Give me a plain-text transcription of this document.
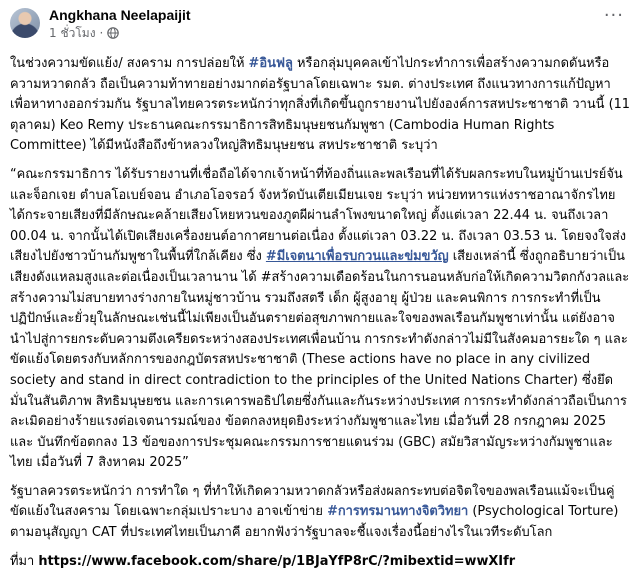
Angkhana Neelapaijit
1 ชั่วโมง ·
···

ในช่วงความขัดแย้ง/ สงคราม การปล่อยให้ #อินฟลู หรือกลุ่มบุคคลเข้าไปกระทำการเพื่อสร้างความกดดันหรือความหวาดกลัว ถือเป็นความท้าทายอย่างมากต่อรัฐบาลโดยเฉพาะ รมต. ต่างประเทศ ถึงแนวทางการแก้ปัญหาเพื่อหาทางออกร่วมกัน รัฐบาลไทยควรตระหนักว่าทุกสิ่งที่เกิดขึ้นถูกรายงานไปยังองค์การสหประชาชาติ วานนี้ (11 ตุลาคม) Keo Remy ประธานคณะกรรมาธิการสิทธิมนุษยชนกัมพูชา (Cambodia Human Rights Committee) ได้มีหนังสือถึงข้าหลวงใหญ่สิทธิมนุษยชน สหประชาชาติ ระบุว่า

“คณะกรรมาธิการ ได้รับรายงานที่เชื่อถือได้จากเจ้าหน้าที่ท้องถิ่นและพลเรือนที่ได้รับผลกระทบในหมู่บ้านเปรย์จัน และจ็อกเจย ตำบลโอเบย์จอน อำเภอโอจรอว์ จังหวัดบันเตียเมียนเจย ระบุว่า หน่วยทหารแห่งราชอาณาจักรไทยได้กระจายเสียงที่มีลักษณะคล้ายเสียงโหยหวนของภูตผีผ่านลำโพงขนาดใหญ่ ตั้งแต่เวลา 22.44 น. จนถึงเวลา 00.04 น. จากนั้นได้เปิดเสียงเครื่องยนต์อากาศยานต่อเนื่อง ตั้งแต่เวลา 03.22 น. ถึงเวลา 03.53 น. โดยจงใจส่งเสียงไปยังชาวบ้านกัมพูชาในพื้นที่ใกล้เคียง ซึ่ง #มีเจตนาเพื่อรบกวนและข่มขวัญ เสียงเหล่านี้ ซึ่งถูกอธิบายว่าเป็นเสียงดังแหลมสูงและต่อเนื่องเป็นเวลานาน ได้ #สร้างความเดือดร้อนในการนอนหลับก่อให้เกิดความวิตกกังวลและสร้างความไม่สบายทางร่างกายในหมู่ชาวบ้าน รวมถึงสตรี เด็ก ผู้สูงอายุ ผู้ป่วย และคนพิการ การกระทำที่เป็นปฏิปักษ์และยั่วยุในลักษณะเช่นนี้ไม่เพียงเป็นอันตรายต่อสุขภาพกายและใจของพลเรือนกัมพูชาเท่านั้น แต่ยังอาจนำไปสู่การยกระดับความตึงเครียดระหว่างสองประเทศเพื่อนบ้าน การกระทำดังกล่าวไม่มีในสังคมอารยะใด ๆ และขัดแย้งโดยตรงกับหลักการของกฎบัตรสหประชาชาติ (These actions have no place in any civilized society and stand in direct contradiction to the principles of the United Nations Charter) ซึ่งยึดมั่นในสันติภาพ สิทธิมนุษยชน และการเคารพอธิปไตยซึ่งกันและกันระหว่างประเทศ การกระทำดังกล่าวถือเป็นการละเมิดอย่างร้ายแรงต่อเจตนารมณ์ของ ข้อตกลงหยุดยิงระหว่างกัมพูชาและไทย เมื่อวันที่ 28 กรกฎาคม 2025 และ บันทึกข้อตกลง 13 ข้อของการประชุมคณะกรรมการชายแดนร่วม (GBC) สมัยวิสามัญระหว่างกัมพูชาและไทย เมื่อวันที่ 7 สิงหาคม 2025”

รัฐบาลควรตระหนักว่า การทำใด ๆ ที่ทำให้เกิดความหวาดกลัวหรือส่งผลกระทบต่อจิตใจของพลเรือนแม้จะเป็นคู่ขัดแย้งในสงคราม โดยเฉพาะกลุ่มเปราะบาง อาจเข้าข่าย #การทรมานทางจิตวิทยา (Psychological Torture) ตามอนุสัญญา CAT ที่ประเทศไทยเป็นภาคี อยากฟังว่ารัฐบาลจะชี้แจงเรื่องนี้อย่างไรในเวทีระดับโลก

ที่มา https://www.facebook.com/share/p/1BJaYfP8rC/?mibextid=wwXIfr
